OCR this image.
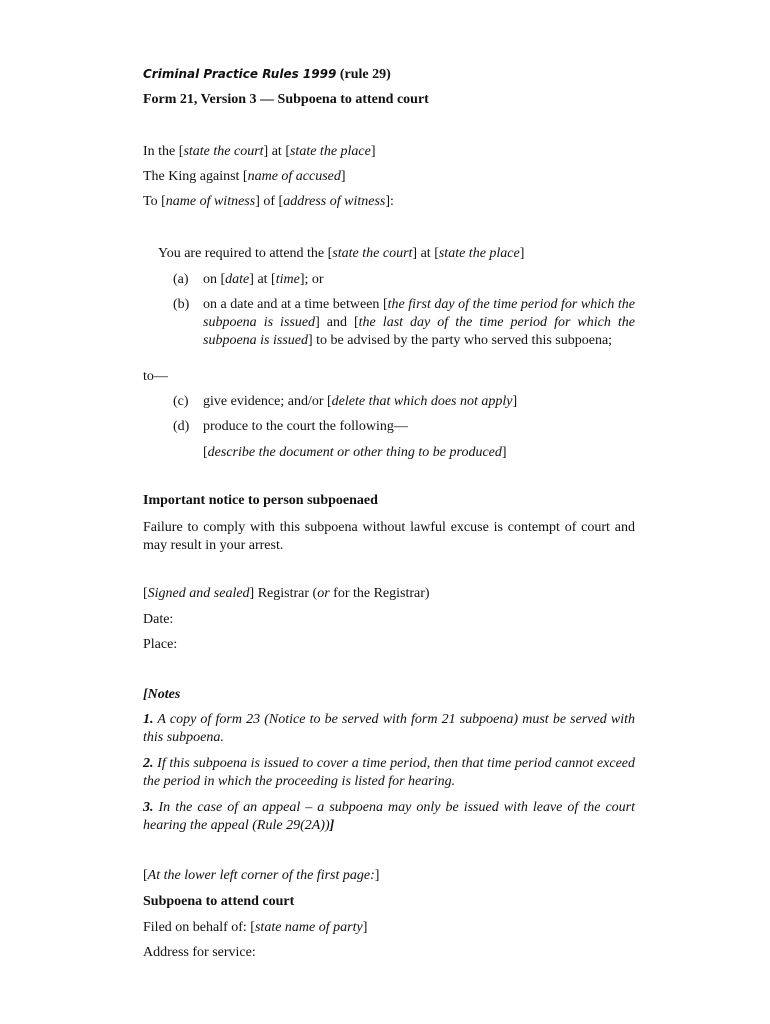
Criminal Practice Rules 1999 (rule 29)
Form 21, Version 3 — Subpoena to attend court
In the [state the court] at [state the place]
The King against [name of accused]
To [name of witness] of [address of witness]:
You are required to attend the [state the court] at [state the place]
(a) on [date] at [time]; or
(b) on a date and at a time between [the first day of the time period for which the subpoena is issued] and [the last day of the time period for which the subpoena is issued] to be advised by the party who served this subpoena;
to—
(c) give evidence; and/or [delete that which does not apply]
(d) produce to the court the following—
[describe the document or other thing to be produced]
Important notice to person subpoenaed
Failure to comply with this subpoena without lawful excuse is contempt of court and may result in your arrest.
[Signed and sealed] Registrar (or for the Registrar)
Date:
Place:
[Notes
1. A copy of form 23 (Notice to be served with form 21 subpoena) must be served with this subpoena.
2. If this subpoena is issued to cover a time period, then that time period cannot exceed the period in which the proceeding is listed for hearing.
3. In the case of an appeal – a subpoena may only be issued with leave of the court hearing the appeal (Rule 29(2A))]
[At the lower left corner of the first page:]
Subpoena to attend court
Filed on behalf of: [state name of party]
Address for service:
